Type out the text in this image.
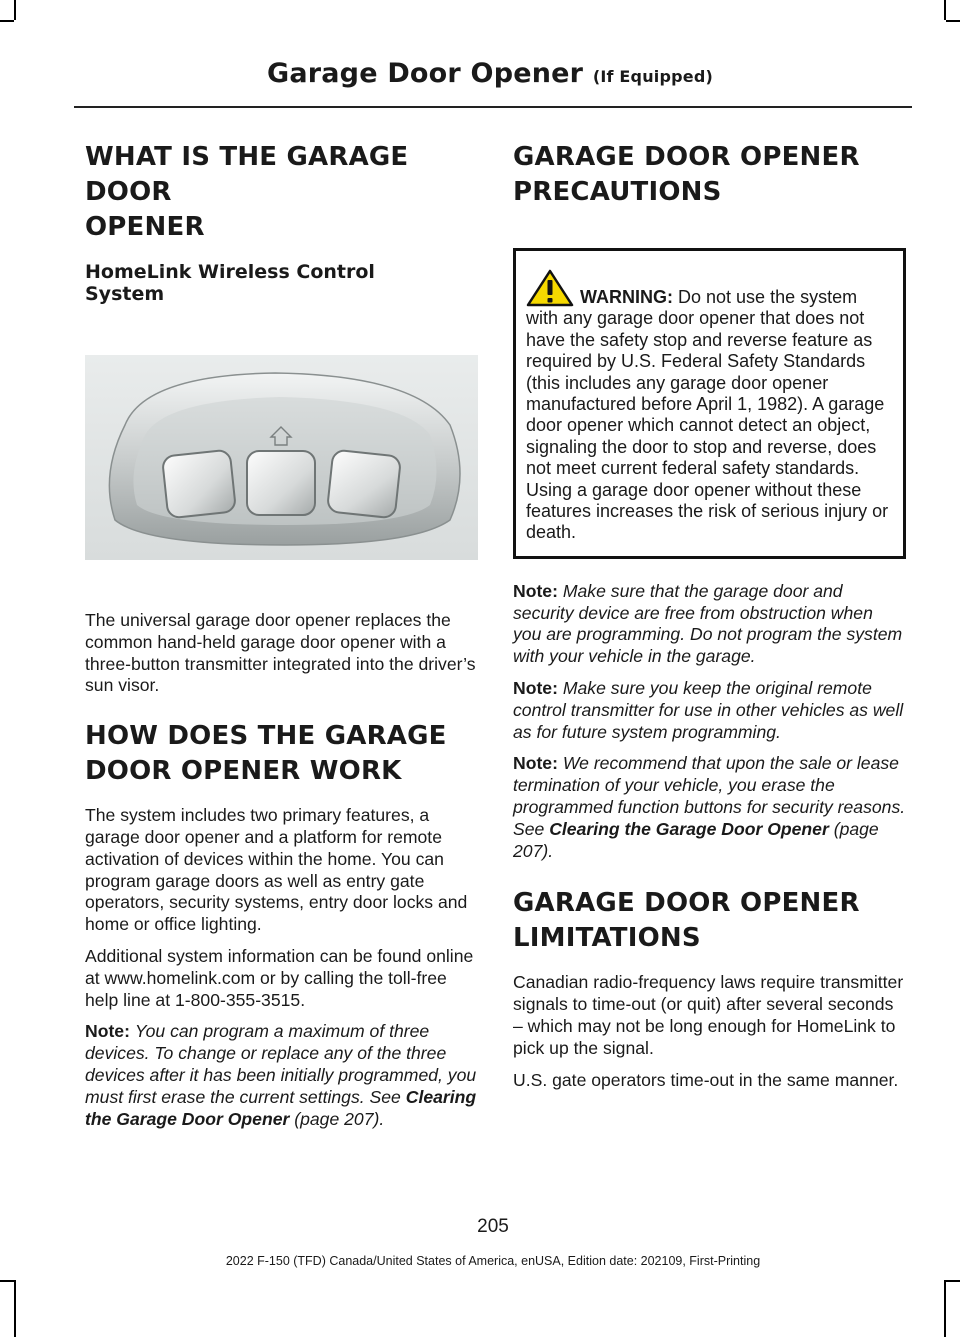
Garage Door Opener (If Equipped)
WHAT IS THE GARAGE DOOR
OPENER
HomeLink Wireless Control System

The universal garage door opener replaces the common hand-held garage door opener with a three-button transmitter integrated into the driver’s sun visor.

HOW DOES THE GARAGE
DOOR OPENER WORK

The system includes two primary features, a garage door opener and a platform for remote activation of devices within the home. You can program garage doors as well as entry gate operators, security systems, entry door locks and home or office lighting.

Additional system information can be found online at www.homelink.com or by calling the toll-free help line at 1-800-355-3515.

Note: You can program a maximum of three devices. To change or replace any of the three devices after it has been initially programmed, you must first erase the current settings. See Clearing the Garage Door Opener (page 207).

GARAGE DOOR OPENER
PRECAUTIONS

WARNING: Do not use the system with any garage door opener that does not have the safety stop and reverse feature as required by U.S. Federal Safety Standards (this includes any garage door opener manufactured before April 1, 1982). A garage door opener which cannot detect an object, signaling the door to stop and reverse, does not meet current federal safety standards. Using a garage door opener without these features increases the risk of serious injury or death.

Note: Make sure that the garage door and security device are free from obstruction when you are programming. Do not program the system with your vehicle in the garage.

Note: Make sure you keep the original remote control transmitter for use in other vehicles as well as for future system programming.

Note: We recommend that upon the sale or lease termination of your vehicle, you erase the programmed function buttons for security reasons. See Clearing the Garage Door Opener (page 207).

GARAGE DOOR OPENER
LIMITATIONS

Canadian radio-frequency laws require transmitter signals to time-out (or quit) after several seconds – which may not be long enough for HomeLink to pick up the signal.

U.S. gate operators time-out in the same manner.

205
2022 F-150 (TFD) Canada/United States of America, enUSA, Edition date: 202109, First-Printing
